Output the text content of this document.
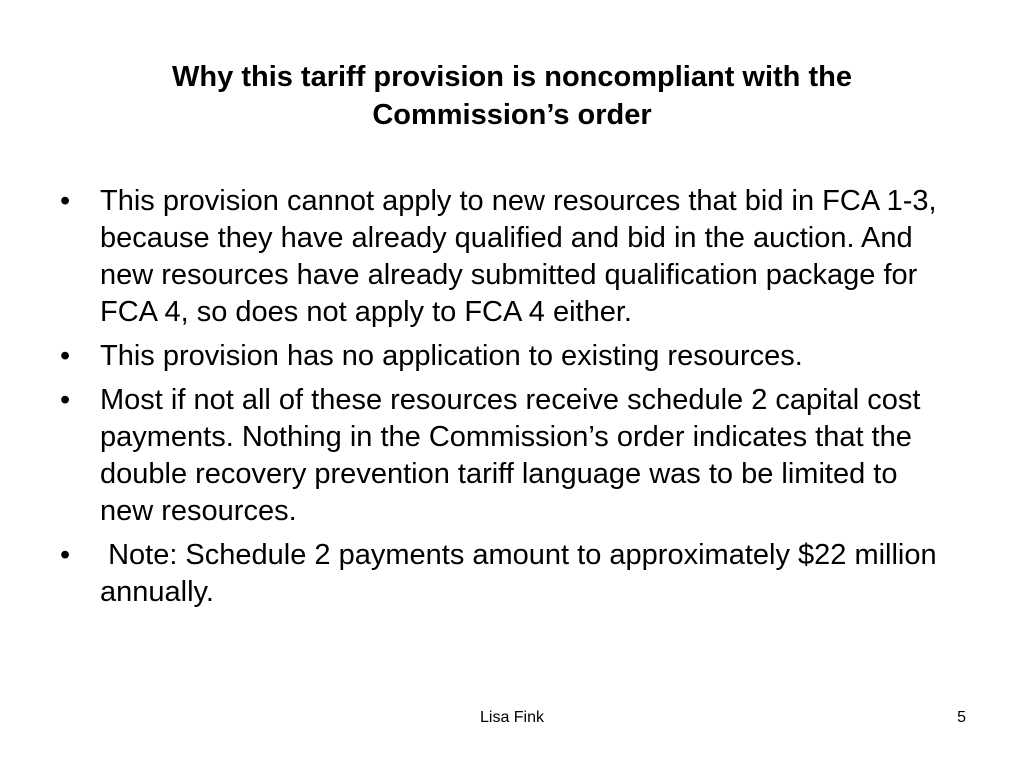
Why this tariff provision is noncompliant with the
Commission’s order
• This provision cannot apply to new resources that bid in FCA 1-3, because they have already qualified and bid in the auction. And new resources have already submitted qualification package for FCA 4, so does not apply to FCA 4 either.
• This provision has no application to existing resources.
• Most if not all of these resources receive schedule 2 capital cost payments. Nothing in the Commission’s order indicates that the double recovery prevention tariff language was to be limited to new resources.
• Note: Schedule 2 payments amount to approximately $22 million annually.
Lisa Fink	5
